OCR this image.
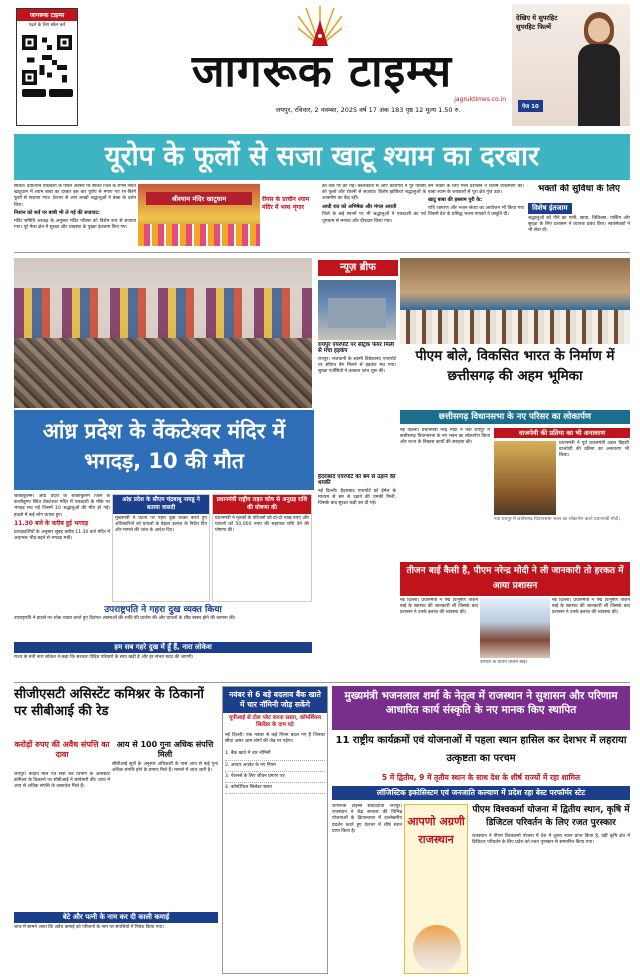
जागरूक टाइम्स
पढ़ने के लिए स्कैन करें
जागरूक टाइम्स
जयपुर, रविवार, 2 नवम्बर, 2025 वर्ष 17 अंक 183 पृष्ठ 12 मूल्य 1.50 रु.
jagruktimes.co.in
देखिए ये सुपरहिट सुपरहिट फिल्में
पेज 10
यूरोप के फूलों से सजा खाटू श्याम का दरबार

सीकर। देवोत्थान एकादशी के पावन अवसर पर सीकर जिले के रींगस स्थित खाटूधाम में श्याम बाबा का दरबार इस बार यूरोप से मंगाए गए रंग-बिरंगे फूलों से सजाया गया। देशभर से आए लाखों श्रद्धालुओं ने बाबा के दर्शन किए।

निशान को सर्व पर बाबी भी ले गई की सजावट:

मंदिर समिति अध्यक्ष के अनुसार मंदिर परिसर को विशेष रूप से सजाया गया। पूरे मेला क्षेत्र में सुरक्षा और व्यवस्था के पुख्ता इंतजाम किए गए।

श्रीश्याम मंदिर खाटूधाम	रींगस के प्राचीन श्याम मंदिर में भव्य शृंगार

को तर्क पर को गई। कोलकाता से आए कारीगरों ने पूरे परिसर को फूलों और रोशनी से सजाया। विशेष झांकियां श्रद्धालुओं के आकर्षण का केंद्र रहीं।

आधी रात को अभिषेक और मंगल आरती

जिले के कई स्थानों पर भी श्रद्धालुओं ने एकादशी का पर्व धूमधाम से मनाया और दीपदान किया गया।

बने भक्तों के लिए मेला प्रशासन ने विशेष व्यवस्थाएं कीं। बाबा श्याम के जयकारों से पूरा क्षेत्र गूंज उठा।

खाटू बाबा की इस्लाम पुरी के:

रात्रि जागरण और भजन संध्या का आयोजन भी किया गया जिसमें देश के प्रसिद्ध भजन गायकों ने प्रस्तुति दी।

भक्तों की सुविधा के लिए
विशेष इंतजाम
श्रद्धालुओं को पीने का पानी, छाया, चिकित्सा, पार्किंग और सुरक्षा के लिए प्रशासन ने व्यापक प्रबंध किए। स्वयंसेवकों ने भी सेवा दी।
न्यूज़ ब्रीफ
रायपुर एयरपोर्ट पर सेंट्रिक फेयर मिली से मचा हड़कंप
रायपुर। राजधानी के स्वामी विवेकानंद एयरपोर्ट पर संदिग्ध बैग मिलने से हड़कंप मच गया। सुरक्षा एजेंसियों ने तत्काल जांच शुरू की।
हैदराबाद एयरपोर्ट को बम से उड़ाने की धमकी
नई दिल्ली। हैदराबाद एयरपोर्ट को ईमेल के माध्यम से बम से उड़ाने की धमकी मिली, जिसके बाद सुरक्षा कड़ी कर दी गई।
पीएम बोले, विकसित भारत के निर्माण में छत्तीसगढ़ की अहम भूमिका
आंध्र प्रदेश के वेंकटेश्वर मंदिर में भगदड़, 10 की मौत

श्रीकाकुलम। आंध्र प्रदेश के श्रीकाकुलम जिले के काशीबुग्गा स्थित वेंकटेश्वर मंदिर में एकादशी के मौके पर भगदड़ मच गई जिसमें 10 श्रद्धालुओं की मौत हो गई। हादसे में कई लोग घायल हुए।

11.30 बजे के करीब हुई भगदड़

प्रत्यक्षदर्शियों के अनुसार सुबह करीब 11.30 बजे मंदिर में अचानक भीड़ बढ़ने से भगदड़ मची।

आंध्र प्रदेश के सीएम चंद्रबाबू नायडू ने बताया त्रासदी
मुख्यमंत्री ने घटना पर गहरा दुख व्यक्त करते हुए अधिकारियों को घायलों के बेहतर इलाज के निर्देश दिए और मामले की जांच के आदेश दिए।
प्रधानमंत्री राष्ट्रीय राहत कोष से अनुग्रह राशि की घोषणा की
प्रधानमंत्री ने मृतकों के परिजनों को दो-दो लाख रुपए और घायलों को 50,000 रुपए की सहायता राशि देने की घोषणा की।
उपराष्ट्रपति ने गहरा दुख व्यक्त किया
उपराष्ट्रपति ने हादसे पर शोक व्यक्त करते हुए दिवंगत आत्माओं की शांति की प्रार्थना की और घायलों के शीघ्र स्वस्थ होने की कामना की।
हम सब गहरे दुख में हूँ हैं, नारा लोकेश
राज्य के मंत्री नारा लोकेश ने कहा कि सरकार पीड़ित परिवारों के साथ खड़ी है और हर संभव मदद की जाएगी।
छत्तीसगढ़ विधानसभा के नए परिसर का लोकार्पण
नई दिल्ली। प्रधानमंत्री नरेंद्र मोदी ने नवा रायपुर में छत्तीसगढ़ विधानसभा के नए भवन का लोकार्पण किया और राज्य के विकास कार्यों की सराहना की।
वाजपेयी की प्रतिमा का भी अनावरण
प्रधानमंत्री ने पूर्व प्रधानमंत्री अटल बिहारी वाजपेयी की प्रतिमा का अनावरण भी किया।
नवा रायपुर में छत्तीसगढ़ विधानसभा भवन का लोकार्पण करते प्रधानमंत्री मोदी।
तीजन बाई कैसी हैं, पीएम नरेन्द्र मोदी ने ली जानकारी तो हरकत में आया प्रशासन
नई दिल्ली। प्रधानमंत्री ने पद्म विभूषण तीजन बाई के स्वास्थ्य की जानकारी ली जिसके बाद प्रशासन ने उनके इलाज की व्यवस्था की।
उपचार के दौरान तीजन बाई।
नई दिल्ली। प्रधानमंत्री ने पद्म विभूषण तीजन बाई के स्वास्थ्य की जानकारी ली जिसके बाद प्रशासन ने उनके इलाज की व्यवस्था की।
सीजीएसटी असिस्टेंट कमिश्नर के ठिकानों पर सीबीआई की रेड
करोड़ों रुपए की अवैध संपत्ति का दावा
जयपुर। केंद्रीय माल एवं सेवा कर विभाग के असिस्टेंट कमिश्नर के ठिकानों पर सीबीआई ने छापेमारी की। जांच में आय से अधिक संपत्ति के दस्तावेज मिले हैं।
आय से 100 गुना अधिक संपत्ति मिली
सीबीआई सूत्रों के अनुसार अधिकारी के पास आय से कई गुना अधिक संपत्ति होने के प्रमाण मिले हैं। मामले में जांच जारी है।
बेटे और पत्नी के नाम कर दी काली कमाई
जांच में सामने आया कि अवैध कमाई को परिजनों के नाम पर संपत्तियों में निवेश किया गया।
नवंबर से 6 बड़े बदलाव बैंक खाते में चार नॉमिनी जोड़ सकेंगे
यूपीआई से टोल प्लेट करना सस्ता, कॉमर्शियल सिलेंडर के दाम घटे
नई दिल्ली। एक नवंबर से कई नियम बदल गए हैं जिनका सीधा असर आम लोगों की जेब पर पड़ेगा।
1. बैंक खाते में चार नॉमिनी
2. आधार अपडेट के नए नियम
3. पेंशनर्स के लिए जीवन प्रमाण पत्र
4. कॉमर्शियल सिलेंडर सस्ता
मुख्यमंत्री भजनलाल शर्मा के नेतृत्व में राजस्थान ने सुशासन और परिणाम आधारित कार्य संस्कृति के नए मानक किए स्थापित
11 राष्ट्रीय कार्यक्रमों एवं योजनाओं में पहला स्थान हासिल कर देशभर में लहराया उत्कृष्टता का परचम
5 में द्वितीय, 9 में तृतीय स्थान के साथ देश के शीर्ष राज्यों में रहा शामिल
लॉजिस्टिक इकोसिस्टम एवं जनजाति कल्याण में प्रदेश रहा बेस्ट परफॉर्मर स्टेट
जागरूक टाइम्स संवाददाता जयपुर। राजस्थान ने केंद्र सरकार की विभिन्न योजनाओं के क्रियान्वयन में उल्लेखनीय प्रदर्शन करते हुए देशभर में शीर्ष स्थान प्राप्त किया है।
आपणो अग्रणी राजस्थान
पीएम विश्वकर्मा योजना में द्वितीय स्थान, कृषि में डिजिटल परिवर्तन के लिए रजत पुरस्कार
राजस्थान ने पीएम विश्वकर्मा योजना में देश में दूसरा स्थान प्राप्त किया है, वहीं कृषि क्षेत्र में डिजिटल परिवर्तन के लिए प्रदेश को रजत पुरस्कार से सम्मानित किया गया।
